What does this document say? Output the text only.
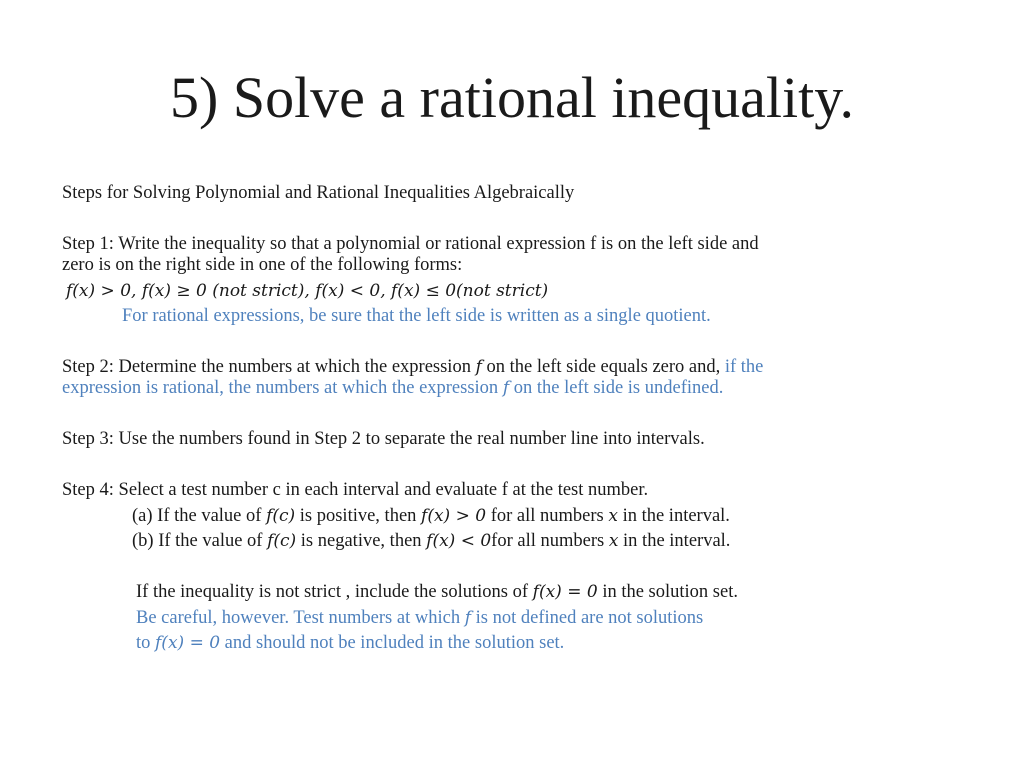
5) Solve a rational inequality.
Steps for Solving Polynomial and Rational Inequalities Algebraically
Step 1: Write the inequality so that a polynomial or rational expression f is on the left side and
zero is on the right side in one of the following forms:
f(x) > 0, f(x) ≥ 0 (not strict), f(x) < 0, f(x) ≤ 0(not strict)
For rational expressions, be sure that the left side is written as a single quotient.
Step 2: Determine the numbers at which the expression f on the left side equals zero and, if the
expression is rational, the numbers at which the expression f on the left side is undefined.
Step 3: Use the numbers found in Step 2 to separate the real number line into intervals.
Step 4: Select a test number c in each interval and evaluate f at the test number.
(a) If the value of f(c) is positive, then f(x) > 0 for all numbers x in the interval.
(b) If the value of f(c) is negative, then f(x) < 0for all numbers x in the interval.
If the inequality is not strict , include the solutions of f(x) = 0 in the solution set.
Be careful, however. Test numbers at which f is not defined are not solutions
to f(x) = 0 and should not be included in the solution set.
